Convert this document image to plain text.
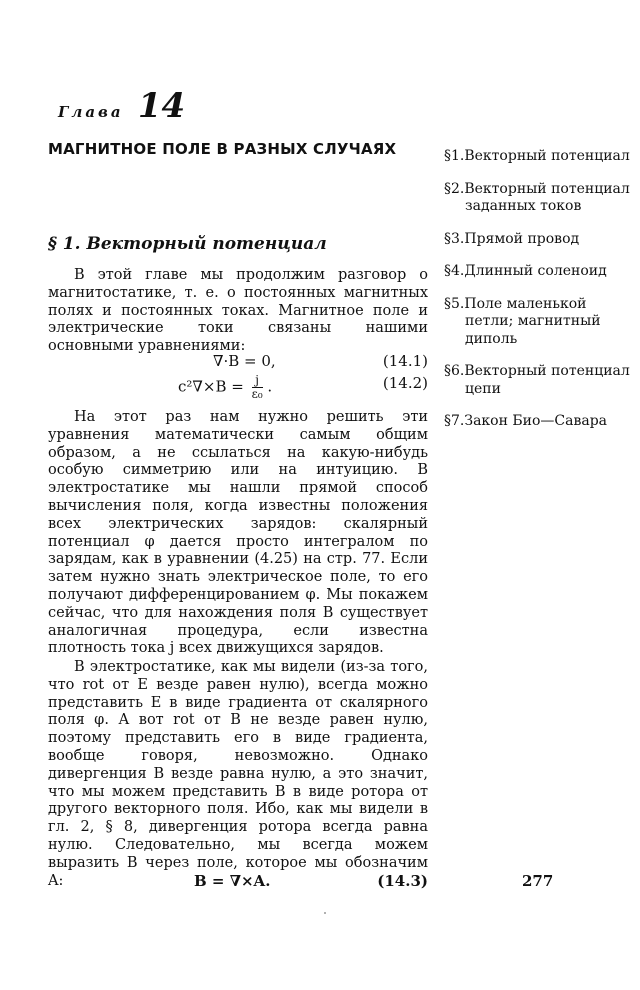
Глава 14
МАГНИТНОЕ ПОЛЕ В РАЗНЫХ СЛУЧАЯХ
§ 1. Векторный потенциал
В этой главе мы продолжим разговор о магнитостатике, т. е. о постоянных магнитных полях и постоянных токах. Магнитное поле и электрические токи связаны нашими основными уравнениями:
∇·B = 0,	(14.1)
$c^2\nabla\times B = \frac{j}{\text{ε₀}}$ .	(14.2)
На этот раз нам нужно решить эти уравнения математически самым общим образом, а не ссылаться на какую-нибудь особую симметрию или на интуицию. В электростатике мы нашли прямой способ вычисления поля, когда известны положения всех электрических зарядов: скалярный потенциал φ дается просто интегралом по зарядам, как в уравнении (4.25) на стр. 77. Если затем нужно знать электрическое поле, то его получают дифференцированием φ. Мы покажем сейчас, что для нахождения поля B существует аналогичная процедура, если известна плотность тока j всех движущихся зарядов.
В электростатике, как мы видели (из-за того, что rot от E везде равен нулю), всегда можно представить E в виде градиента от скалярного поля φ. А вот rot от B не везде равен нулю, поэтому представить его в виде градиента, вообще говоря, невозможно. Однако дивергенция B везде равна нулю, а это значит, что мы можем представить B в виде ротора от другого векторного поля. Ибо, как мы видели в гл. 2, § 8, дивергенция ротора всегда равна нулю. Следовательно, мы всегда можем выразить B через поле, которое мы обозначим A:	B = ∇×A.	(14.3)
§1.Векторный потенциал
§2.Векторный потенциал заданных токов
§3.Прямой провод
§4.Длинный соленоид
§5.Поле маленькой петли; магнитный диполь
§6.Векторный потенциал цепи
§7.Закон Био—Савара
277
